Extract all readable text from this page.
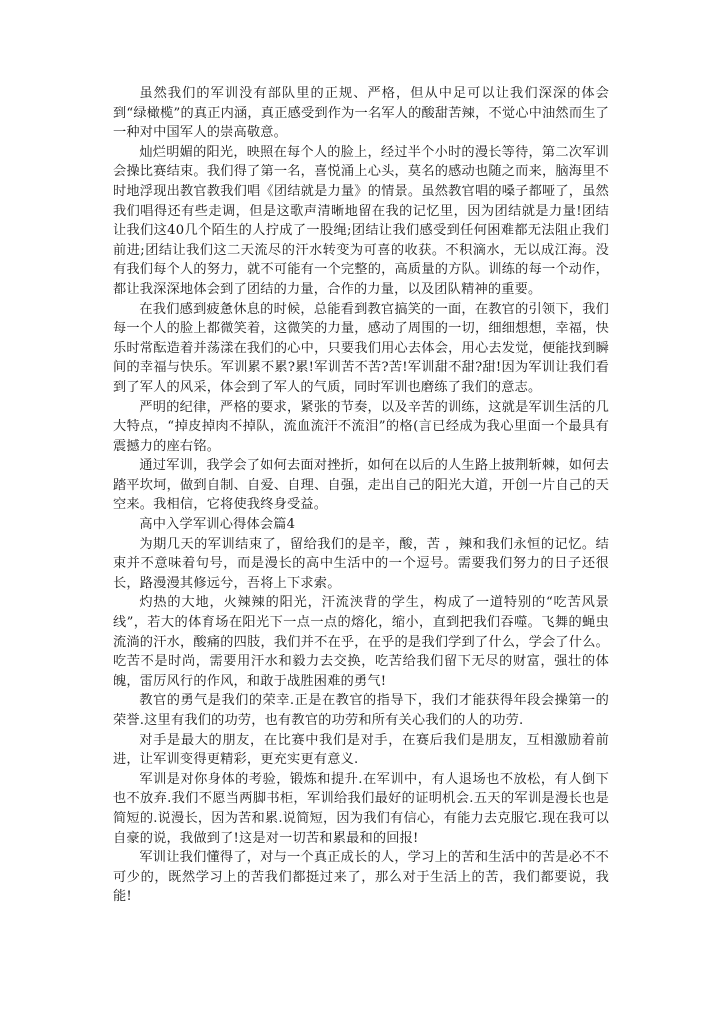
虽然我们的军训没有部队里的正规、严格，但从中足可以让我们深深的体会到“绿橄榄”的真正内涵，真正感受到作为一名军人的酸甜苦辣，不觉心中油然而生了一种对中国军人的崇高敬意。

灿烂明媚的阳光，映照在每个人的脸上，经过半个小时的漫长等待，第二次军训会操比赛结束。我们得了第一名，喜悦涌上心头，莫名的感动也随之而来，脑海里不时地浮现出教官教我们唱《团结就是力量》的情景。虽然教官唱的嗓子都哑了，虽然我们唱得还有些走调，但是这歌声清晰地留在我的记忆里，因为团结就是力量!团结让我们这40几个陌生的人拧成了一股绳;团结让我们感受到任何困难都无法阻止我们前进;团结让我们这二天流尽的汗水转变为可喜的收获。不积滴水，无以成江海。没有我们每个人的努力，就不可能有一个完整的，高质量的方队。训练的每一个动作，都让我深深地体会到了团结的力量，合作的力量，以及团队精神的重要。

在我们感到疲惫休息的时候，总能看到教官搞笑的一面，在教官的引领下，我们每一个人的脸上都微笑着，这微笑的力量，感动了周围的一切，细细想想，幸福，快乐时常酝造着并荡漾在我们的心中，只要我们用心去体会，用心去发觉，便能找到瞬间的幸福与快乐。军训累不累?累!军训苦不苦?苦!军训甜不甜?甜!因为军训让我们看到了军人的风采，体会到了军人的气质，同时军训也磨练了我们的意志。

严明的纪律，严格的要求，紧张的节奏，以及辛苦的训练，这就是军训生活的几大特点，“掉皮掉肉不掉队，流血流汗不流泪”的格(言已经成为我心里面一个最具有震撼力的座右铭。

通过军训，我学会了如何去面对挫折，如何在以后的人生路上披荆斩棘，如何去踏平坎坷，做到自制、自爱、自理、自强，走出自己的阳光大道，开创一片自己的天空来。我相信，它将使我终身受益。

高中入学军训心得体会篇4

为期几天的军训结束了，留给我们的是辛，酸，苦 ，辣和我们永恒的记忆。结束并不意味着句号，而是漫长的高中生活中的一个逗号。需要我们努力的日子还很长，路漫漫其修远兮，吾将上下求索。

灼热的大地，火辣辣的阳光，汗流浃背的学生，构成了一道特别的“吃苦风景线”，若大的体育场在阳光下一点一点的熔化，缩小，直到把我们吞噬。飞舞的蝇虫流淌的汗水，酸痛的四肢，我们并不在乎，在乎的是我们学到了什么，学会了什么。吃苦不是时尚，需要用汗水和毅力去交换，吃苦给我们留下无尽的财富，强壮的体魄，雷厉风行的作风，和敢于战胜困难的勇气!

教官的勇气是我们的荣幸.正是在教官的指导下，我们才能获得年段会操第一的荣誉.这里有我们的功劳，也有教官的功劳和所有关心我们的人的功劳.

对手是最大的朋友，在比赛中我们是对手，在赛后我们是朋友，互相激励着前进，让军训变得更精彩，更充实更有意义.

军训是对你身体的考验，锻炼和提升.在军训中，有人退场也不放松，有人倒下也不放弃.我们不愿当两脚书柜，军训给我们最好的证明机会.五天的军训是漫长也是简短的.说漫长，因为苦和累.说简短，因为我们有信心，有能力去克服它.现在我可以自豪的说，我做到了!这是对一切苦和累最和的回报!

军训让我们懂得了，对与一个真正成长的人，学习上的苦和生活中的苦是必不不可少的，既然学习上的苦我们都挺过来了，那么对于生活上的苦，我们都要说，我能!
